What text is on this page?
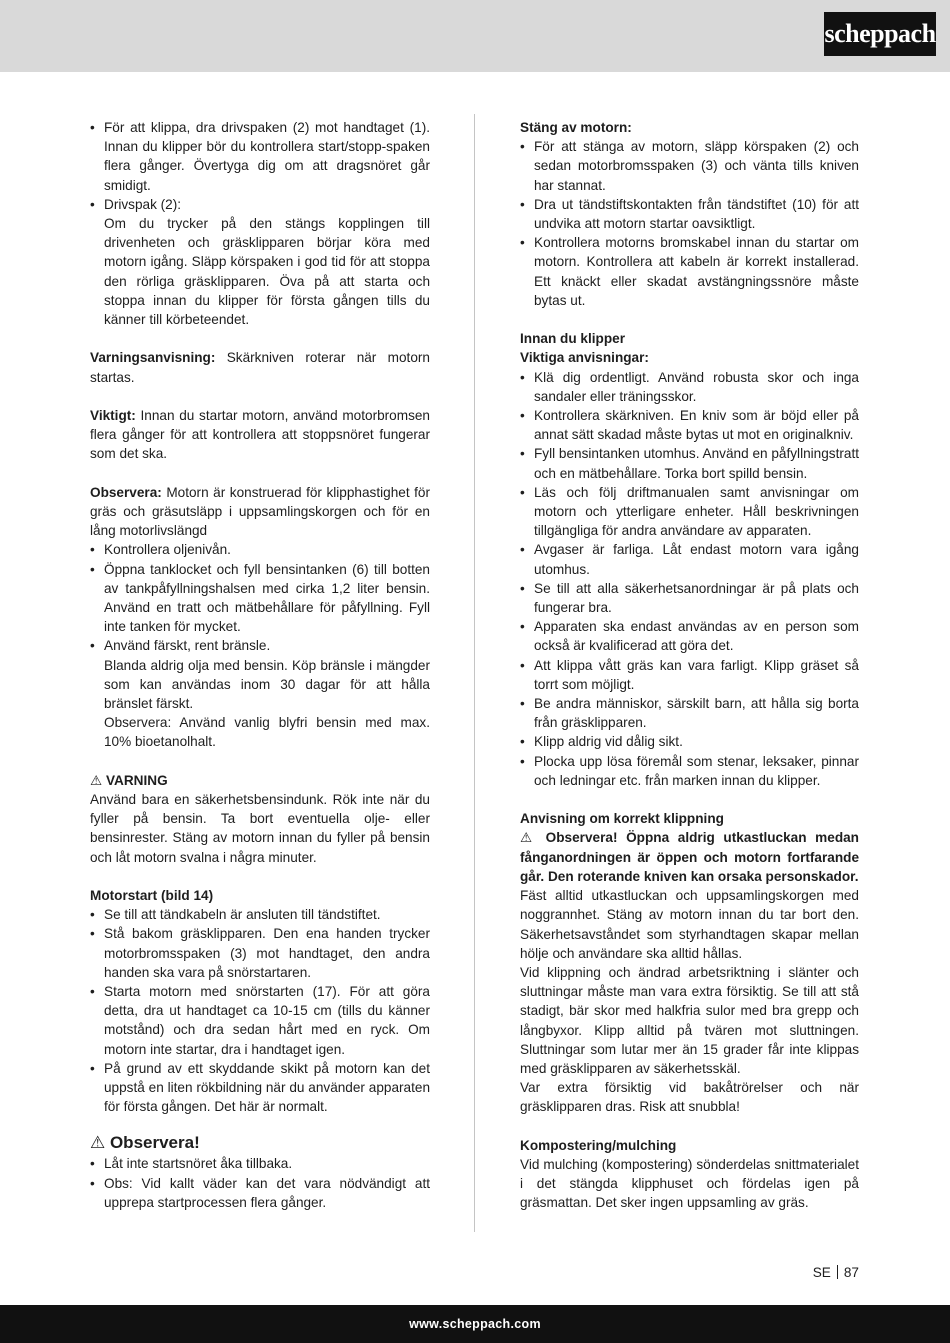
scheppach
• För att klippa, dra drivspaken (2) mot handtaget (1). Innan du klipper bör du kontrollera start/stopp-spaken flera gånger. Övertyga dig om att dragsnöret går smidigt.
• Drivspak (2):

Om du trycker på den stängs kopplingen till drivenheten och gräsklipparen börjar köra med motorn igång. Släpp körspaken i god tid för att stoppa den rörliga gräsklipparen. Öva på att starta och stoppa innan du klipper för första gången tills du känner till körbeteendet.

Varningsanvisning: Skärkniven roterar när motorn startas.

Viktigt: Innan du startar motorn, använd motorbromsen flera gånger för att kontrollera att stoppsnöret fungerar som det ska.

Observera: Motorn är konstruerad för klipphastighet för gräs och gräsutsläpp i uppsamlingskorgen och för en lång motorlivslängd

• Kontrollera oljenivån.
• Öppna tanklocket och fyll bensintanken (6) till botten av tankpåfyllningshalsen med cirka 1,2 liter bensin. Använd en tratt och mätbehållare för påfyllning. Fyll inte tanken för mycket.
• Använd färskt, rent bränsle.

Blanda aldrig olja med bensin. Köp bränsle i mängder som kan användas inom 30 dagar för att hålla bränslet färskt.

Observera: Använd vanlig blyfri bensin med max. 10% bioetanolhalt.

⚠ VARNING

Använd bara en säkerhetsbensindunk. Rök inte när du fyller på bensin. Ta bort eventuella olje- eller bensinrester. Stäng av motorn innan du fyller på bensin och låt motorn svalna i några minuter.

Motorstart (bild 14)

• Se till att tändkabeln är ansluten till tändstiftet.
• Stå bakom gräsklipparen. Den ena handen trycker motorbromsspaken (3) mot handtaget, den andra handen ska vara på snörstartaren.
• Starta motorn med snörstarten (17). För att göra detta, dra ut handtaget ca 10-15 cm (tills du känner motstånd) och dra sedan hårt med en ryck. Om motorn inte startar, dra i handtaget igen.
• På grund av ett skyddande skikt på motorn kan det uppstå en liten rökbildning när du använder apparaten för första gången. Det här är normalt.

⚠ Observera!

• Låt inte startsnöret åka tillbaka.
• Obs: Vid kallt väder kan det vara nödvändigt att upprepa startprocessen flera gånger.

Stäng av motorn:

• För att stänga av motorn, släpp körspaken (2) och sedan motorbromsspaken (3) och vänta tills kniven har stannat.
• Dra ut tändstiftskontakten från tändstiftet (10) för att undvika att motorn startar oavsiktligt.
• Kontrollera motorns bromskabel innan du startar om motorn. Kontrollera att kabeln är korrekt installerad. Ett knäckt eller skadat avstängningssnöre måste bytas ut.

Innan du klipper

Viktiga anvisningar:

• Klä dig ordentligt. Använd robusta skor och inga sandaler eller träningsskor.
• Kontrollera skärkniven. En kniv som är böjd eller på annat sätt skadad måste bytas ut mot en originalkniv.
• Fyll bensintanken utomhus. Använd en påfyllningstratt och en mätbehållare. Torka bort spilld bensin.
• Läs och följ driftmanualen samt anvisningar om motorn och ytterligare enheter. Håll beskrivningen tillgängliga för andra användare av apparaten.
• Avgaser är farliga. Låt endast motorn vara igång utomhus.
• Se till att alla säkerhetsanordningar är på plats och fungerar bra.
• Apparaten ska endast användas av en person som också är kvalificerad att göra det.
• Att klippa vått gräs kan vara farligt. Klipp gräset så torrt som möjligt.
• Be andra människor, särskilt barn, att hålla sig borta från gräsklipparen.
• Klipp aldrig vid dålig sikt.
• Plocka upp lösa föremål som stenar, leksaker, pinnar och ledningar etc. från marken innan du klipper.

Anvisning om korrekt klippning

⚠ Observera! Öppna aldrig utkastluckan medan fånganordningen är öppen och motorn fortfarande går. Den roterande kniven kan orsaka personskador.

Fäst alltid utkastluckan och uppsamlingskorgen med noggrannhet. Stäng av motorn innan du tar bort den. Säkerhetsavståndet som styrhandtagen skapar mellan hölje och användare ska alltid hållas.

Vid klippning och ändrad arbetsriktning i slänter och sluttningar måste man vara extra försiktig. Se till att stå stadigt, bär skor med halkfria sulor med bra grepp och långbyxor. Klipp alltid på tvären mot sluttningen. Sluttningar som lutar mer än 15 grader får inte klippas med gräsklipparen av säkerhetsskäl.

Var extra försiktig vid bakåtrörelser och när gräsklipparen dras. Risk att snubbla!

Kompostering/mulching

Vid mulching (kompostering) sönderdelas snittmaterialet i det stängda klipphuset och fördelas igen på gräsmattan. Det sker ingen uppsamling av gräs.

SE 87
www.scheppach.com
